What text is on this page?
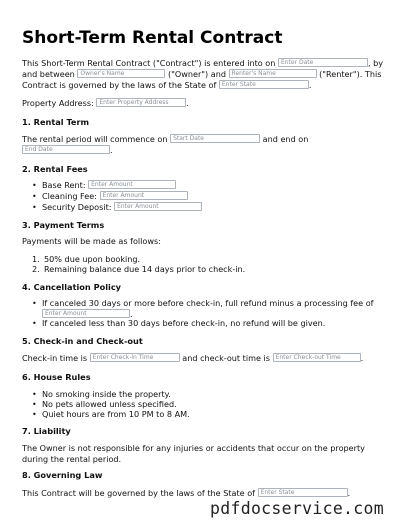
Short-Term Rental Contract
This Short-Term Rental Contract ("Contract") is entered into on Enter Date	, by
and between Owner's Name	("Owner") and Renter's Name	("Renter"). This
Contract is governed by the laws of the State of Enter State	.
Property Address: Enter Property Address .
1. Rental Term
The rental period will commence on Start Date	and end on
End Date	.
2. Rental Fees
• Base Rent: Enter Amount
• Cleaning Fee: Enter Amount
• Security Deposit: Enter Amount
3. Payment Terms
Payments will be made as follows:
1. 50% due upon booking.
2. Remaining balance due 14 days prior to check-in.
4. Cancellation Policy
• If canceled 30 days or more before check-in, full refund minus a processing fee of
Enter Amount	.
• If canceled less than 30 days before check-in, no refund will be given.
5. Check-in and Check-out
Check-in time is Enter Check-in Time	and check-out time is Enter Check-out Time .
6. House Rules
• No smoking inside the property.
• No pets allowed unless specified.
• Quiet hours are from 10 PM to 8 AM.
7. Liability
The Owner is not responsible for any injuries or accidents that occur on the property
during the rental period.
8. Governing Law
This Contract will be governed by the laws of the State of Enter State	.
pdfdocservice.com
